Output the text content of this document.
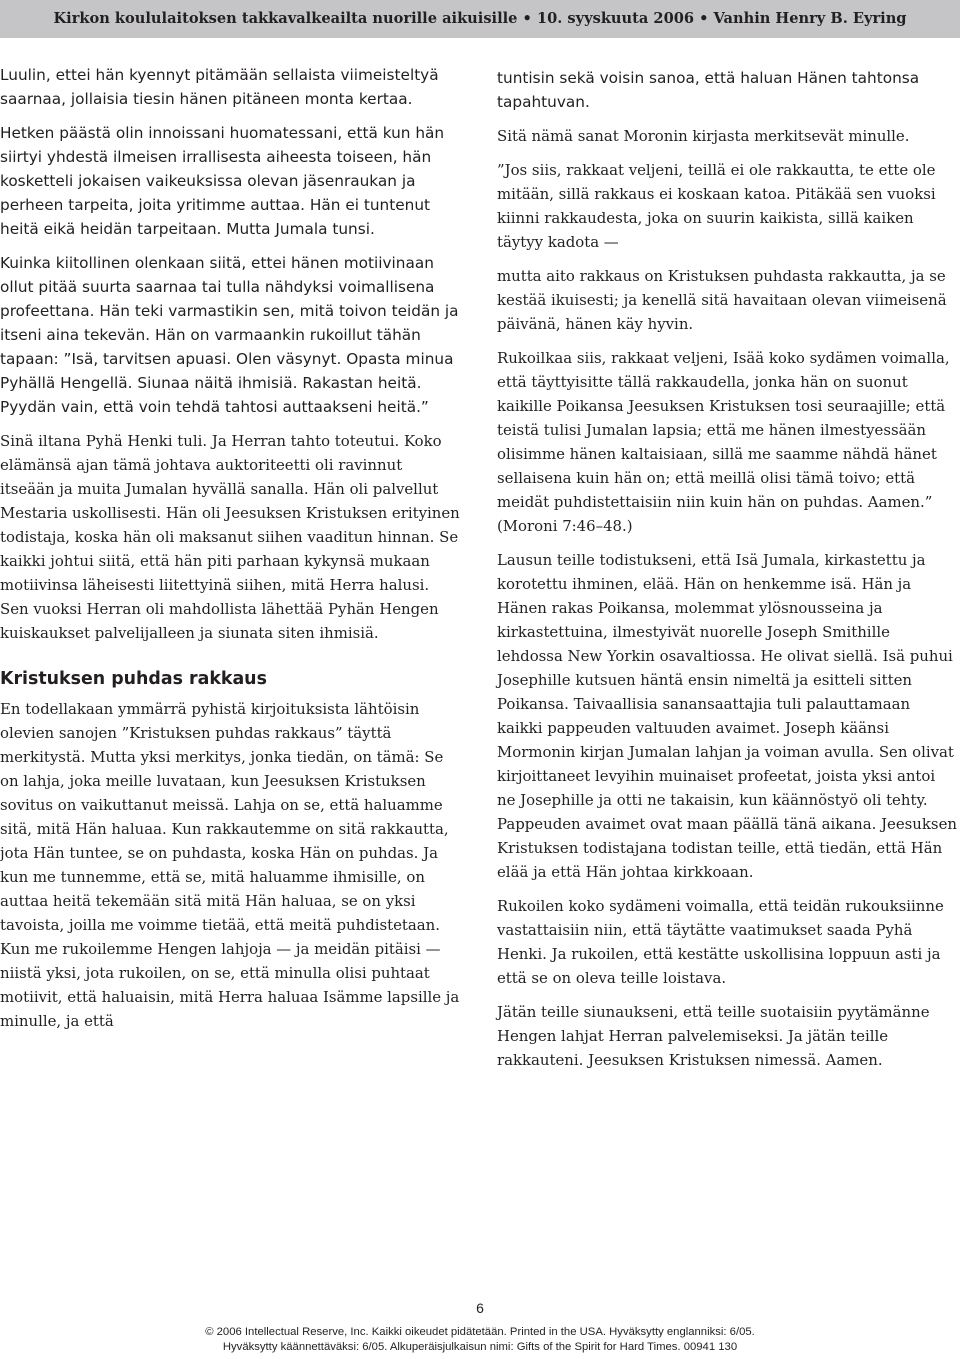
Kirkon koululaitoksen takkavalkeailta nuorille aikuisille • 10. syyskuuta 2006 • Vanhin Henry B. Eyring

Luulin, ettei hän kyennyt pitämään sellaista viimeisteltyä saarnaa, jollaisia tiesin hänen pitäneen monta kertaa.

Hetken päästä olin innoissani huomatessani, että kun hän siirtyi yhdestä ilmeisen irrallisesta aiheesta toiseen, hän kosketteli jokaisen vaikeuksissa olevan jäsenraukan ja perheen tarpeita, joita yritimme auttaa. Hän ei tuntenut heitä eikä heidän tarpeitaan. Mutta Jumala tunsi.

Kuinka kiitollinen olenkaan siitä, ettei hänen motiivinaan ollut pitää suurta saarnaa tai tulla nähdyksi voimallisena profeettana. Hän teki varmastikin sen, mitä toivon teidän ja itseni aina tekevän. Hän on varmaankin rukoillut tähän tapaan: ”Isä, tarvitsen apuasi. Olen väsynyt. Opasta minua Pyhällä Hengellä. Siunaa näitä ihmisiä. Rakastan heitä. Pyydän vain, että voin tehdä tahtosi auttaakseni heitä.”

Sinä iltana Pyhä Henki tuli. Ja Herran tahto toteutui. Koko elämänsä ajan tämä johtava auktoriteetti oli ravinnut itseään ja muita Jumalan hyvällä sanalla. Hän oli palvellut Mestaria uskollisesti. Hän oli Jeesuksen Kristuksen erityinen todistaja, koska hän oli maksanut siihen vaaditun hinnan. Se kaikki johtui siitä, että hän piti parhaan kykynsä mukaan motiivinsa läheisesti liitettyinä siihen, mitä Herra halusi. Sen vuoksi Herran oli mahdollista lähettää Pyhän Hengen kuiskaukset palvelijalleen ja siunata siten ihmisiä.

Kristuksen puhdas rakkaus

En todellakaan ymmärrä pyhistä kirjoituksista lähtöisin olevien sanojen ”Kristuksen puhdas rakkaus” täyttä merkitystä. Mutta yksi merkitys, jonka tiedän, on tämä: Se on lahja, joka meille luvataan, kun Jeesuksen Kristuksen sovitus on vaikuttanut meissä. Lahja on se, että haluamme sitä, mitä Hän haluaa. Kun rakkautemme on sitä rakkautta, jota Hän tuntee, se on puhdasta, koska Hän on puhdas. Ja kun me tunnemme, että se, mitä haluamme ihmisille, on auttaa heitä tekemään sitä mitä Hän haluaa, se on yksi tavoista, joilla me voimme tietää, että meitä puhdistetaan. Kun me rukoilemme Hengen lahjoja — ja meidän pitäisi — niistä yksi, jota rukoilen, on se, että minulla olisi puhtaat motiivit, että haluaisin, mitä Herra haluaa Isämme lapsille ja minulle, ja että

tuntisin sekä voisin sanoa, että haluan Hänen tahtonsa tapahtuvan.

Sitä nämä sanat Moronin kirjasta merkitsevät minulle.

”Jos siis, rakkaat veljeni, teillä ei ole rakkautta, te ette ole mitään, sillä rakkaus ei koskaan katoa. Pitäkää sen vuoksi kiinni rakkaudesta, joka on suurin kaikista, sillä kaiken täytyy kadota —

mutta aito rakkaus on Kristuksen puhdasta rakkautta, ja se kestää ikuisesti; ja kenellä sitä havaitaan olevan viimeisenä päivänä, hänen käy hyvin.

Rukoilkaa siis, rakkaat veljeni, Isää koko sydämen voimalla, että täyttyisitte tällä rakkaudella, jonka hän on suonut kaikille Poikansa Jeesuksen Kristuksen tosi seuraajille; että teistä tulisi Jumalan lapsia; että me hänen ilmestyessään olisimme hänen kaltaisiaan, sillä me saamme nähdä hänet sellaisena kuin hän on; että meillä olisi tämä toivo; että meidät puhdistettaisiin niin kuin hän on puhdas. Aamen.” (Moroni 7:46–48.)

Lausun teille todistukseni, että Isä Jumala, kirkastettu ja korotettu ihminen, elää. Hän on henkemme isä. Hän ja Hänen rakas Poikansa, molemmat ylösnousseina ja kirkastettuina, ilmestyivät nuorelle Joseph Smithille lehdossa New Yorkin osavaltiossa. He olivat siellä. Isä puhui Josephille kutsuen häntä ensin nimeltä ja esitteli sitten Poikansa. Taivaallisia sanansaattajia tuli palauttamaan kaikki pappeuden valtuuden avaimet. Joseph käänsi Mormonin kirjan Jumalan lahjan ja voiman avulla. Sen olivat kirjoittaneet levyihin muinaiset profeetat, joista yksi antoi ne Josephille ja otti ne takaisin, kun käännöstyö oli tehty. Pappeuden avaimet ovat maan päällä tänä aikana. Jeesuksen Kristuksen todistajana todistan teille, että tiedän, että Hän elää ja että Hän johtaa kirkkoaan.

Rukoilen koko sydämeni voimalla, että teidän rukouksiinne vastattaisiin niin, että täytätte vaatimukset saada Pyhä Henki. Ja rukoilen, että kestätte uskollisina loppuun asti ja että se on oleva teille loistava.

Jätän teille siunaukseni, että teille suotaisiin pyytämänne Hengen lahjat Herran palvelemiseksi. Ja jätän teille rakkauteni. Jeesuksen Kristuksen nimessä. Aamen.

6
© 2006 Intellectual Reserve, Inc. Kaikki oikeudet pidätetään. Printed in the USA. Hyväksytty englanniksi: 6/05.
Hyväksytty käännettäväksi: 6/05. Alkuperäisjulkaisun nimi: Gifts of the Spirit for Hard Times. 00941 130
